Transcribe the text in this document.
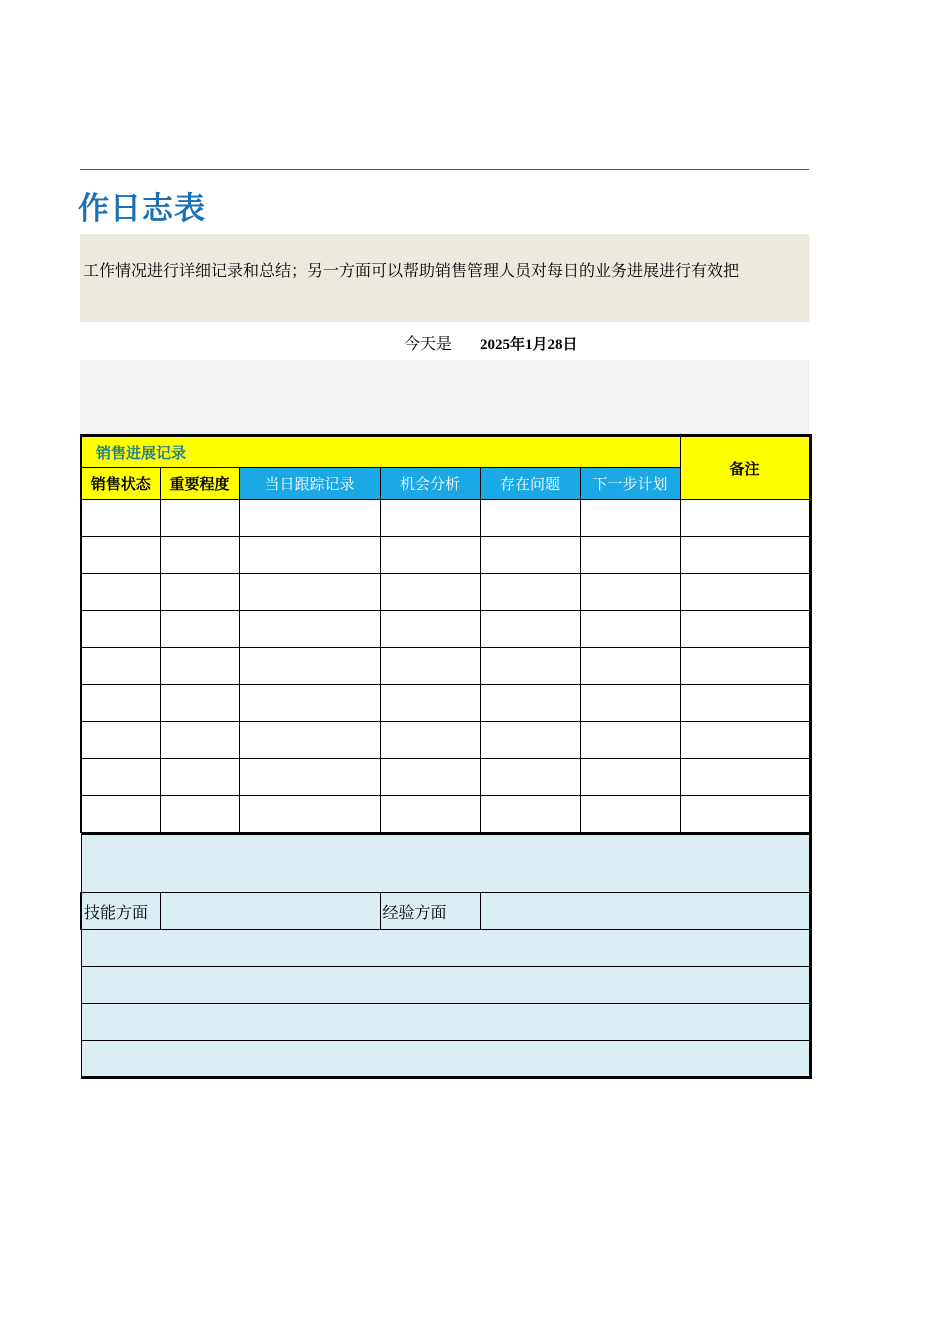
作日志表
工作情况进行详细记录和总结；另一方面可以帮助销售管理人员对每日的业务进展进行有效把
今天是 2025年1月28日
销售进展记录						备注
销售状态	重要程度	当日跟踪记录	机会分析	存在问题	下一步计划	

技能方面		经验方面	
